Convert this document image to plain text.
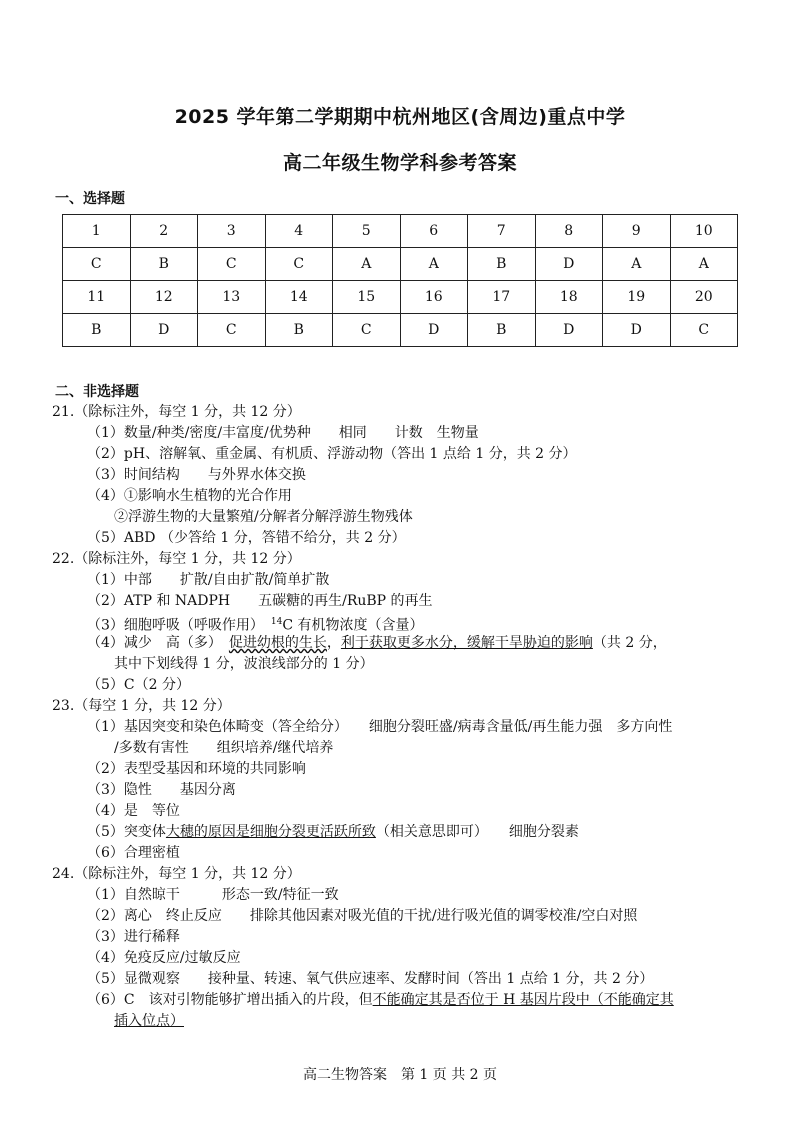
2025 学年第二学期期中杭州地区(含周边)重点中学
高二年级生物学科参考答案
一、选择题
1	2	3	4	5	6	7	8	9	10
C	B	C	C	A	A	B	D	A	A
11	12	13	14	15	16	17	18	19	20
B	D	C	B	C	D	B	D	D	C
二、非选择题
21.（除标注外，每空 1 分，共 12 分）
（1）数量/种类/密度/丰富度/优势种　　相同　　计数　生物量
（2）pH、溶解氧、重金属、有机质、浮游动物（答出 1 点给 1 分，共 2 分）
（3）时间结构　　与外界水体交换
（4）①影响水生植物的光合作用
②浮游生物的大量繁殖/分解者分解浮游生物残体
（5）ABD （少答给 1 分，答错不给分，共 2 分）
22.（除标注外，每空 1 分，共 12 分）
（1）中部　　扩散/自由扩散/简单扩散
（2）ATP 和 NADPH　　五碳糖的再生/RuBP 的再生
（3）细胞呼吸（呼吸作用）　$^{14}$C 有机物浓度（含量）
（4）减少　高（多）　促进幼根的生长，利于获取更多水分，缓解干旱胁迫的影响（共 2 分，
其中下划线得 1 分，波浪线部分的 1 分）
（5）C（2 分）
23.（每空 1 分，共 12 分）
（1）基因突变和染色体畸变（答全给分）　　细胞分裂旺盛/病毒含量低/再生能力强　多方向性
/多数有害性　　组织培养/继代培养
（2）表型受基因和环境的共同影响
（3）隐性　　基因分离
（4）是　等位
（5）突变体大穗的原因是细胞分裂更活跃所致（相关意思即可）　　细胞分裂素
（6）合理密植
24.（除标注外，每空 1 分，共 12 分）
（1）自然晾干　　　形态一致/特征一致
（2）离心　终止反应　　排除其他因素对吸光值的干扰/进行吸光值的调零校准/空白对照
（3）进行稀释
（4）免疫反应/过敏反应
（5）显微观察　　接种量、转速、氧气供应速率、发酵时间（答出 1 点给 1 分，共 2 分）
（6）C　该对引物能够扩增出插入的片段，但不能确定其是否位于 H 基因片段中（不能确定其
插入位点）
高二生物答案　第 1 页 共 2 页
